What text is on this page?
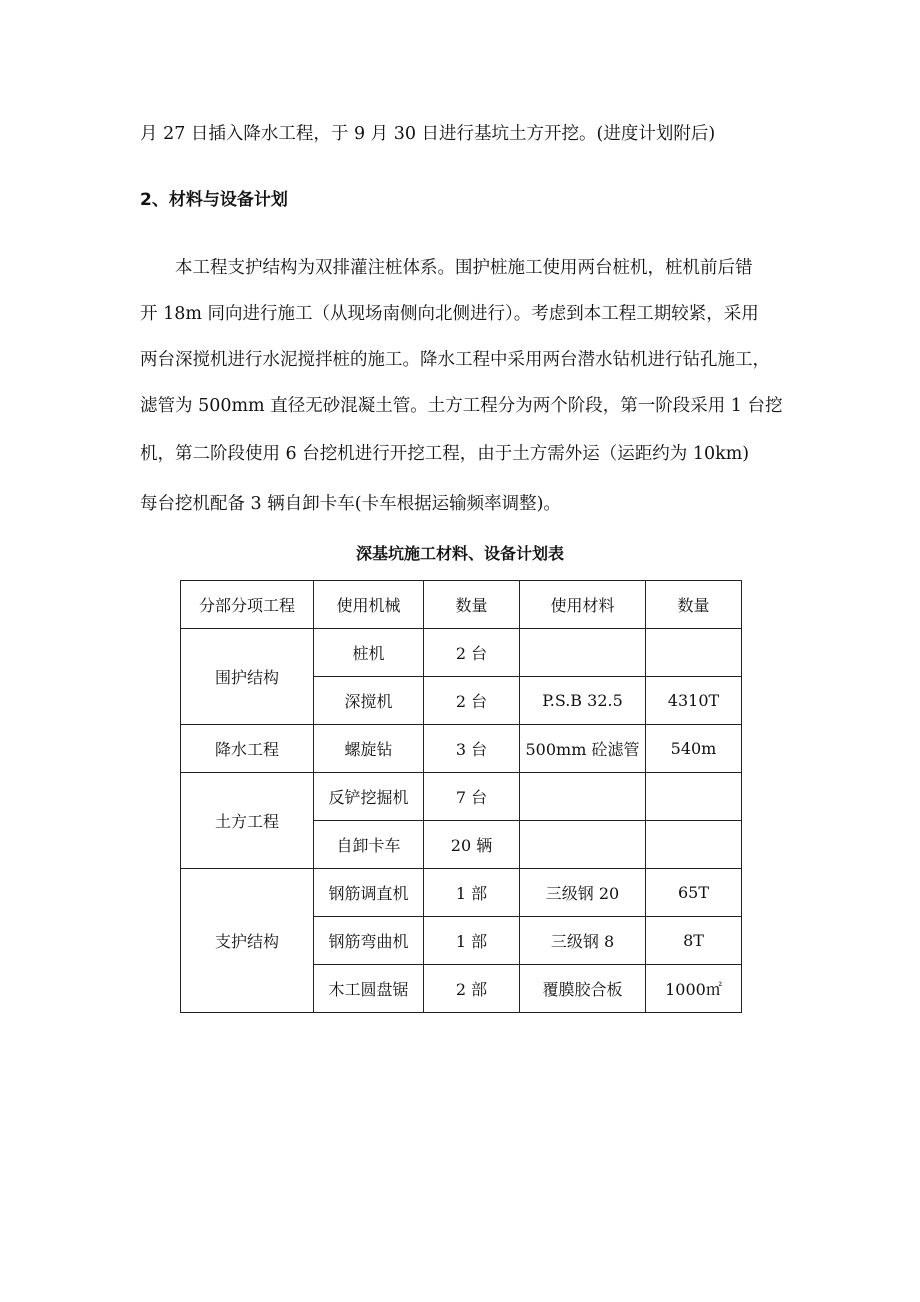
月 27 日插入降水工程，于 9 月 30 日进行基坑土方开挖。(进度计划附后)
2、材料与设备计划
本工程支护结构为双排灌注桩体系。围护桩施工使用两台桩机，桩机前后错
开 18m 同向进行施工（从现场南侧向北侧进行）。考虑到本工程工期较紧，采用
两台深搅机进行水泥搅拌桩的施工。降水工程中采用两台潜水钻机进行钻孔施工，
滤管为 500mm 直径无砂混凝土管。土方工程分为两个阶段，第一阶段采用 1 台挖
机，第二阶段使用 6 台挖机进行开挖工程，由于土方需外运（运距约为 10km)
每台挖机配备 3 辆自卸卡车(卡车根据运输频率调整)。
深基坑施工材料、设备计划表
分部分项工程	使用机械	数量	使用材料	数量
围护结构	桩机	2 台		
	深搅机	2 台	P.S.B 32.5	4310T
降水工程	螺旋钻	3 台	500mm 砼滤管	540m
土方工程	反铲挖掘机	7 台		
	自卸卡车	20 辆		
支护结构	钢筋调直机	1 部	三级钢 20	65T
	钢筋弯曲机	1 部	三级钢 8	8T
	木工圆盘锯	2 部	覆膜胶合板	1000㎡
